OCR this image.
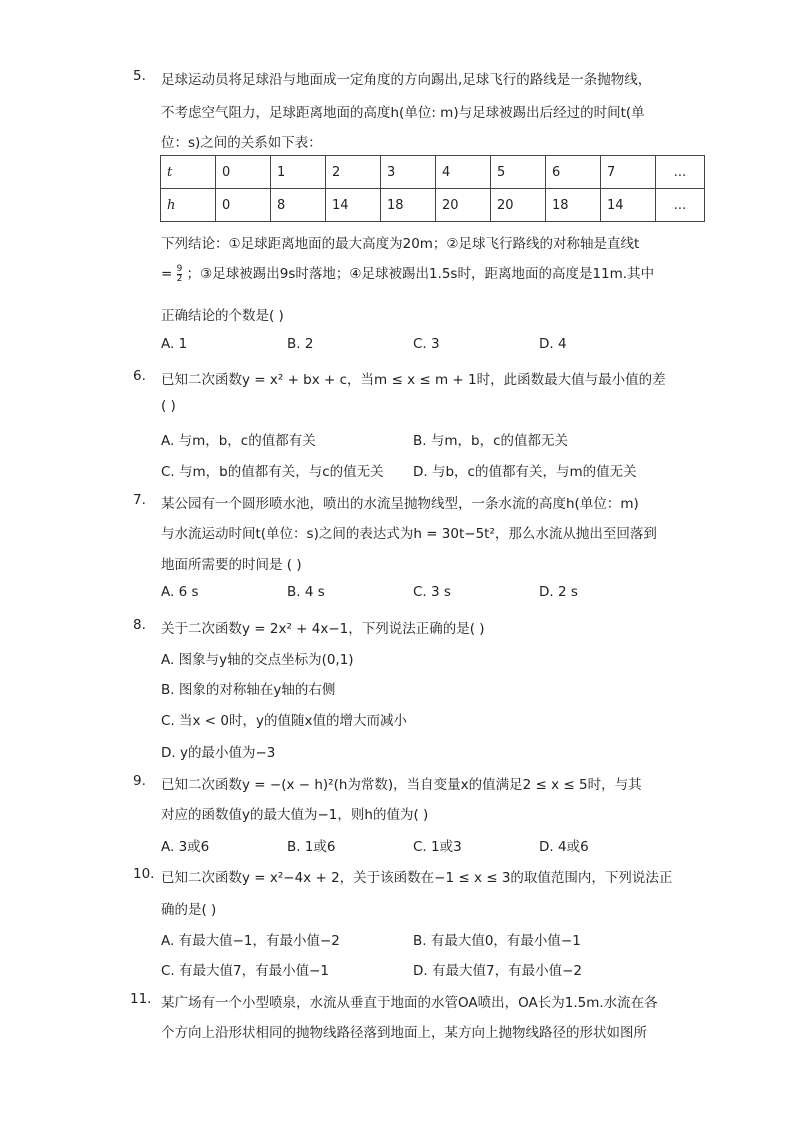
5. 足球运动员将足球沿与地面成一定角度的方向踢出,足球飞行的路线是一条抛物线，
不考虑空气阻力，足球距离地面的高度h(单位: m)与足球被踢出后经过的时间t(单
位：s)之间的关系如下表：
t	0	1	2	3	4	5	6	7	...
h	0	8	14	18	20	20	18	14	...
下列结论：①足球距离地面的最大高度为20m；②足球飞行路线的对称轴是直线t
= $\frac{9}{2}$ ；③足球被踢出9s时落地；④足球被踢出1.5s时，距离地面的高度是11m.其中
正确结论的个数是( )
A. 1	B. 2	C. 3	D. 4
6. 已知二次函数y = x² + bx + c，当m ≤ x ≤ m + 1时，此函数最大值与最小值的差
( )
A. 与m，b，c的值都有关	B. 与m，b，c的值都无关
C. 与m，b的值都有关，与c的值无关 D. 与b，c的值都有关，与m的值无关
7. 某公园有一个圆形喷水池，喷出的水流呈抛物线型，一条水流的高度h(单位：m)
与水流运动时间t(单位：s)之间的表达式为h = 30t−5t²，那么水流从抛出至回落到
地面所需要的时间是 ( )
A. 6 s	B. 4 s	C. 3 s	D. 2 s
8. 关于二次函数y = 2x² + 4x−1，下列说法正确的是( )
A. 图象与y轴的交点坐标为(0,1)
B. 图象的对称轴在y轴的右侧
C. 当x < 0时，y的值随x值的增大而减小
D. y的最小值为−3
9. 已知二次函数y = −(x − h)²(h为常数)，当自变量x的值满足2 ≤ x ≤ 5时，与其
对应的函数值y的最大值为−1，则h的值为( )
A. 3或6	B. 1或6	C. 1或3	D. 4或6
10. 已知二次函数y = x²−4x + 2，关于该函数在−1 ≤ x ≤ 3的取值范围内，下列说法正
确的是( )
A. 有最大值−1，有最小值−2	B. 有最大值0，有最小值−1
C. 有最大值7，有最小值−1	D. 有最大值7，有最小值−2
11. 某广场有一个小型喷泉，水流从垂直于地面的水管OA喷出，OA长为1.5m.水流在各
个方向上沿形状相同的抛物线路径落到地面上，某方向上抛物线路径的形状如图所
